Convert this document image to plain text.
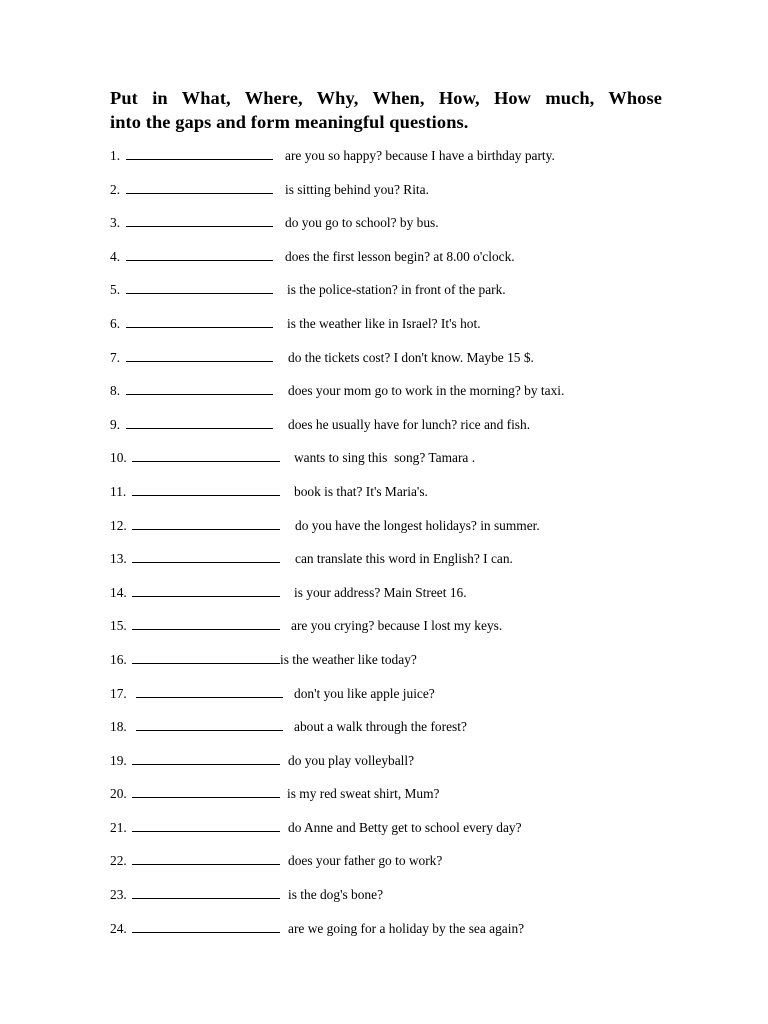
Put in What, Where, Why, When, How, How much, Whose
into the gaps and form meaningful questions.
1.	are you so happy? because I have a birthday party.
2.	is sitting behind you? Rita.
3.	do you go to school? by bus.
4.	does the first lesson begin? at 8.00 o'clock.
5.	is the police-station? in front of the park.
6.	is the weather like in Israel? It's hot.
7.	do the tickets cost? I don't know. Maybe 15 $.
8.	does your mom go to work in the morning? by taxi.
9.	does he usually have for lunch? rice and fish.
10.	wants to sing this  song? Tamara .
11.	book is that? It's Maria's.
12.	do you have the longest holidays? in summer.
13.	can translate this word in English? I can.
14.	is your address? Main Street 16.
15.	are you crying? because I lost my keys.
16.	is the weather like today?
17.	don't you like apple juice?
18.	about a walk through the forest?
19.	do you play volleyball?
20.	is my red sweat shirt, Mum?
21.	do Anne and Betty get to school every day?
22.	does your father go to work?
23.	is the dog's bone?
24.	are we going for a holiday by the sea again?
